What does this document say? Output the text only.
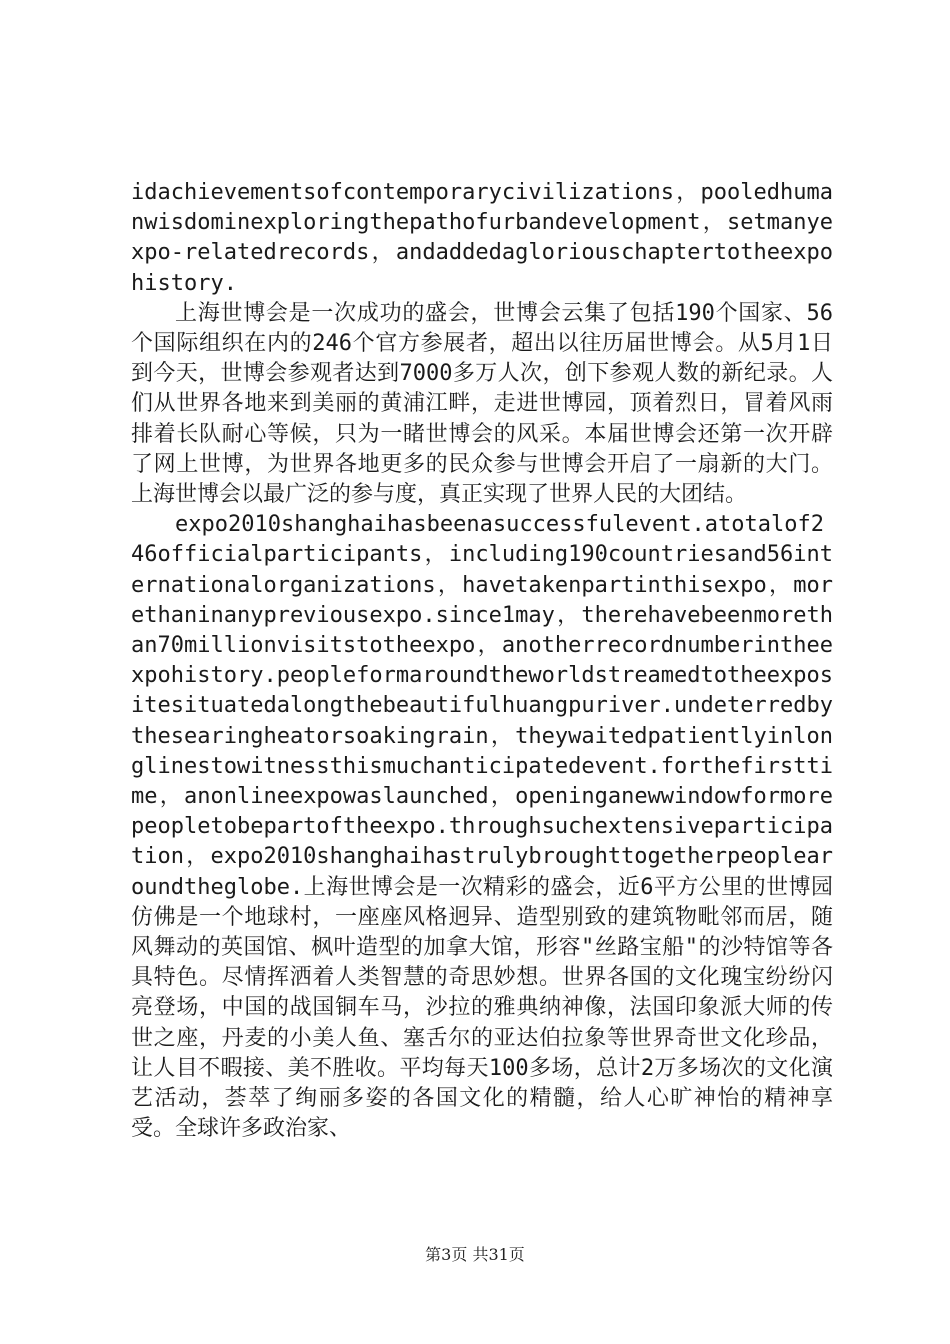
idachievementsofcontemporarycivilizations，pooledhumanwisdominexploringthepathofurbandevelopment，setmanyexpo-relatedrecords，andaddedagloriouschaptertotheexpohistory.

上海世博会是一次成功的盛会，世博会云集了包括190个国家、56个国际组织在内的246个官方参展者，超出以往历届世博会。从5月1日到今天，世博会参观者达到7000多万人次，创下参观人数的新纪录。人们从世界各地来到美丽的黄浦江畔，走进世博园，顶着烈日，冒着风雨排着长队耐心等候，只为一睹世博会的风采。本届世博会还第一次开辟了网上世博，为世界各地更多的民众参与世博会开启了一扇新的大门。上海世博会以最广泛的参与度，真正实现了世界人民的大团结。

expo2010shanghaihasbeenasuccessfulevent.atotalof246officialparticipants，including190countriesand56internationalorganizations，havetakenpartinthisexpo，morethaninanypreviousexpo.since1may，therehavebeenmorethan70millionvisitstotheexpo，anotherrecordnumberintheexpohistory.peopleformaroundtheworldstreamedtotheexpositesituatedalongthebeautifulhuangpuriver.undeterredbythesearingheatorsoakingrain，theywaitedpatientlyinlonglinestowitnessthismuchanticipatedevent.forthefirsttime，anonlineexpowaslaunched，openinganewwindowformorepeopletobepartoftheexpo.throughsuchextensiveparticipation，expo2010shanghaihastrulybroughttogetherpeoplearoundtheglobe.上海世博会是一次精彩的盛会，近6平方公里的世博园仿佛是一个地球村，一座座风格迥异、造型别致的建筑物毗邻而居，随风舞动的英国馆、枫叶造型的加拿大馆，形容"丝路宝船"的沙特馆等各具特色。尽情挥洒着人类智慧的奇思妙想。世界各国的文化瑰宝纷纷闪亮登场，中国的战国铜车马，沙拉的雅典纳神像，法国印象派大师的传世之座，丹麦的小美人鱼、塞舌尔的亚达伯拉象等世界奇世文化珍品，让人目不暇接、美不胜收。平均每天100多场，总计2万多场次的文化演艺活动，荟萃了绚丽多姿的各国文化的精髓，给人心旷神怡的精神享受。全球许多政治家、

第3页 共31页
